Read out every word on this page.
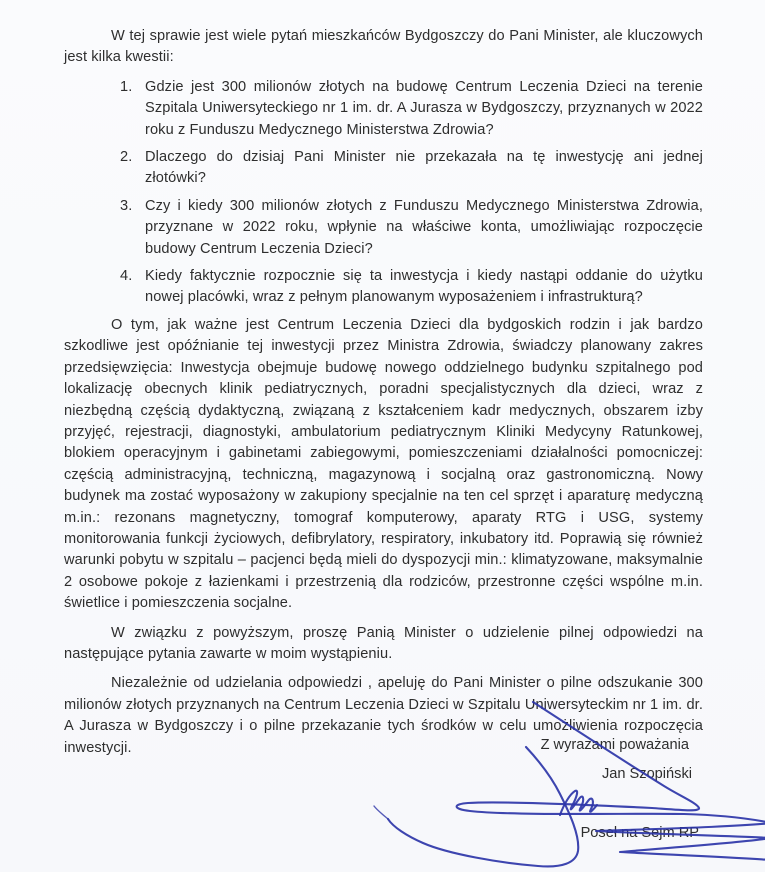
W tej sprawie jest wiele pytań mieszkańców Bydgoszczy do Pani Minister, ale kluczowych jest kilka kwestii:

1. Gdzie jest 300 milionów złotych na budowę Centrum Leczenia Dzieci na terenie Szpitala Uniwersyteckiego nr 1 im. dr. A Jurasza w Bydgoszczy, przyznanych w 2022 roku z Funduszu Medycznego Ministerstwa Zdrowia?
2. Dlaczego do dzisiaj Pani Minister nie przekazała na tę inwestycję ani jednej złotówki?
3. Czy i kiedy 300 milionów złotych z Funduszu Medycznego Ministerstwa Zdrowia, przyznane w 2022 roku, wpłynie na właściwe konta, umożliwiając rozpoczęcie budowy Centrum Leczenia Dzieci?
4. Kiedy faktycznie rozpocznie się ta inwestycja i kiedy nastąpi oddanie do użytku nowej placówki, wraz z pełnym planowanym wyposażeniem i infrastrukturą?

O tym, jak ważne jest Centrum Leczenia Dzieci dla bydgoskich rodzin i jak bardzo szkodliwe jest opóźnianie tej inwestycji przez Ministra Zdrowia, świadczy planowany zakres przedsięwzięcia: Inwestycja obejmuje budowę nowego oddzielnego budynku szpitalnego pod lokalizację obecnych klinik pediatrycznych, poradni specjalistycznych dla dzieci, wraz z niezbędną częścią dydaktyczną, związaną z kształceniem kadr medycznych, obszarem izby przyjęć, rejestracji, diagnostyki, ambulatorium pediatrycznym Kliniki Medycyny Ratunkowej, blokiem operacyjnym i gabinetami zabiegowymi, pomieszczeniami działalności pomocniczej: częścią administracyjną, techniczną, magazynową i socjalną oraz gastronomiczną. Nowy budynek ma zostać wyposażony w zakupiony specjalnie na ten cel sprzęt i aparaturę medyczną m.in.: rezonans magnetyczny, tomograf komputerowy, aparaty RTG i USG, systemy monitorowania funkcji życiowych, defibrylatory, respiratory, inkubatory itd. Poprawią się również warunki pobytu w szpitalu – pacjenci będą mieli do dyspozycji min.: klimatyzowane, maksymalnie 2 osobowe pokoje z łazienkami i przestrzenią dla rodziców, przestronne części wspólne m.in. świetlice i pomieszczenia socjalne.

W związku z powyższym, proszę Panią Minister o udzielenie pilnej odpowiedzi na następujące pytania zawarte w moim wystąpieniu.

Niezależnie od udzielania odpowiedzi , apeluję do Pani Minister o pilne odszukanie 300 milionów złotych przyznanych na Centrum Leczenia Dzieci w Szpitalu Uniwersyteckim nr 1 im. dr. A Jurasza w Bydgoszczy i o pilne przekazanie tych środków w celu umożliwienia rozpoczęcia inwestycji.	Z wyrazami poważania
Jan Szopiński
Poseł na Sejm RP
